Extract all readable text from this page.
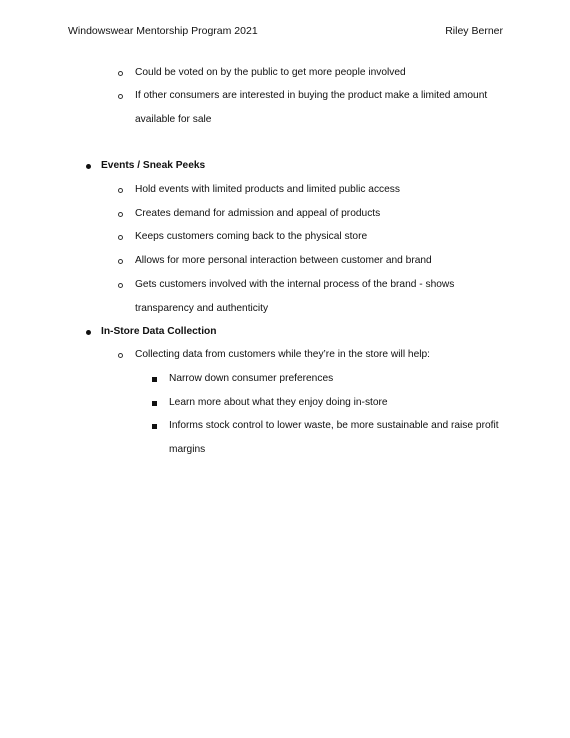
Windowswear Mentorship Program 2021	Riley Berner
Could be voted on by the public to get more people involved
If other consumers are interested in buying the product make a limited amount
available for sale
Events / Sneak Peeks
Hold events with limited products and limited public access
Creates demand for admission and appeal of products
Keeps customers coming back to the physical store
Allows for more personal interaction between customer and brand
Gets customers involved with the internal process of the brand - shows
transparency and authenticity
In-Store Data Collection
Collecting data from customers while they’re in the store will help:
Narrow down consumer preferences
Learn more about what they enjoy doing in-store
Informs stock control to lower waste, be more sustainable and raise profit
margins
